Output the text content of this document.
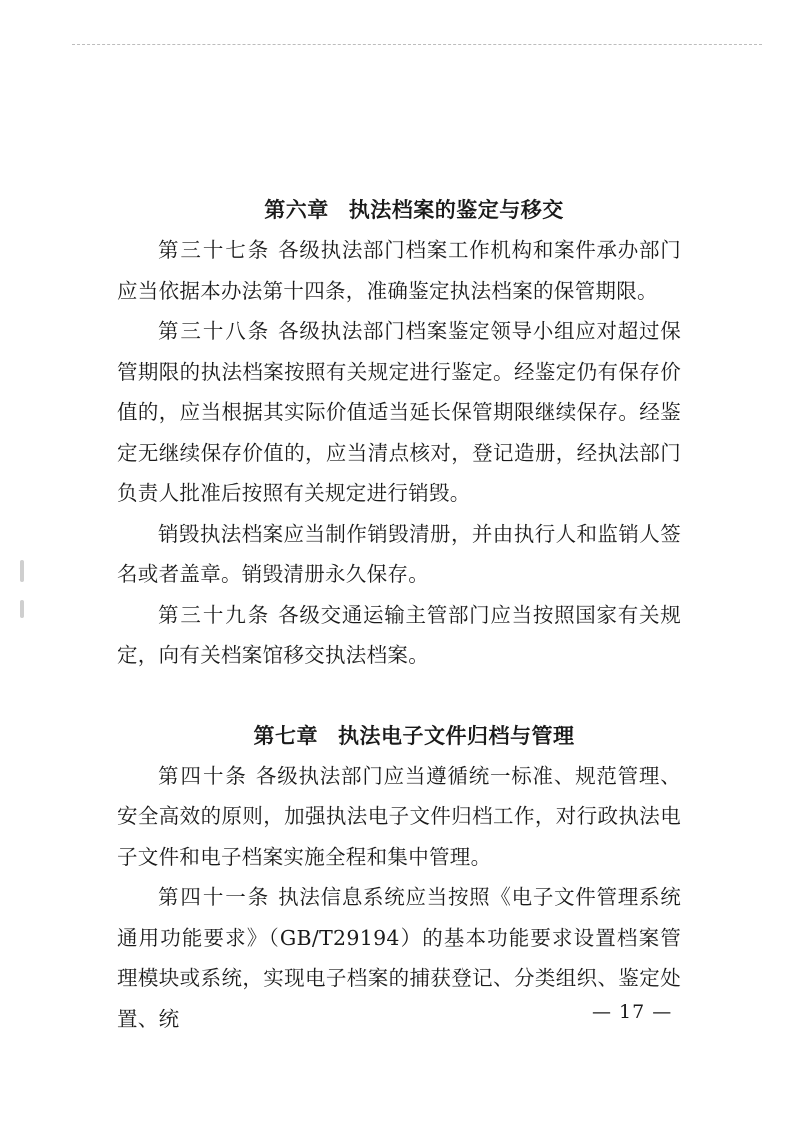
第六章 执法档案的鉴定与移交

第三十七条 各级执法部门档案工作机构和案件承办部门应当依据本办法第十四条，准确鉴定执法档案的保管期限。

第三十八条 各级执法部门档案鉴定领导小组应对超过保管期限的执法档案按照有关规定进行鉴定。经鉴定仍有保存价值的，应当根据其实际价值适当延长保管期限继续保存。经鉴定无继续保存价值的，应当清点核对，登记造册，经执法部门负责人批准后按照有关规定进行销毁。

销毁执法档案应当制作销毁清册，并由执行人和监销人签名或者盖章。销毁清册永久保存。

第三十九条 各级交通运输主管部门应当按照国家有关规定，向有关档案馆移交执法档案。

第七章 执法电子文件归档与管理

第四十条 各级执法部门应当遵循统一标准、规范管理、安全高效的原则，加强执法电子文件归档工作，对行政执法电子文件和电子档案实施全程和集中管理。

第四十一条 执法信息系统应当按照《电子文件管理系统通用功能要求》（GB/T29194）的基本功能要求设置档案管理模块或系统，实现电子档案的捕获登记、分类组织、鉴定处置、统	— 17 —
